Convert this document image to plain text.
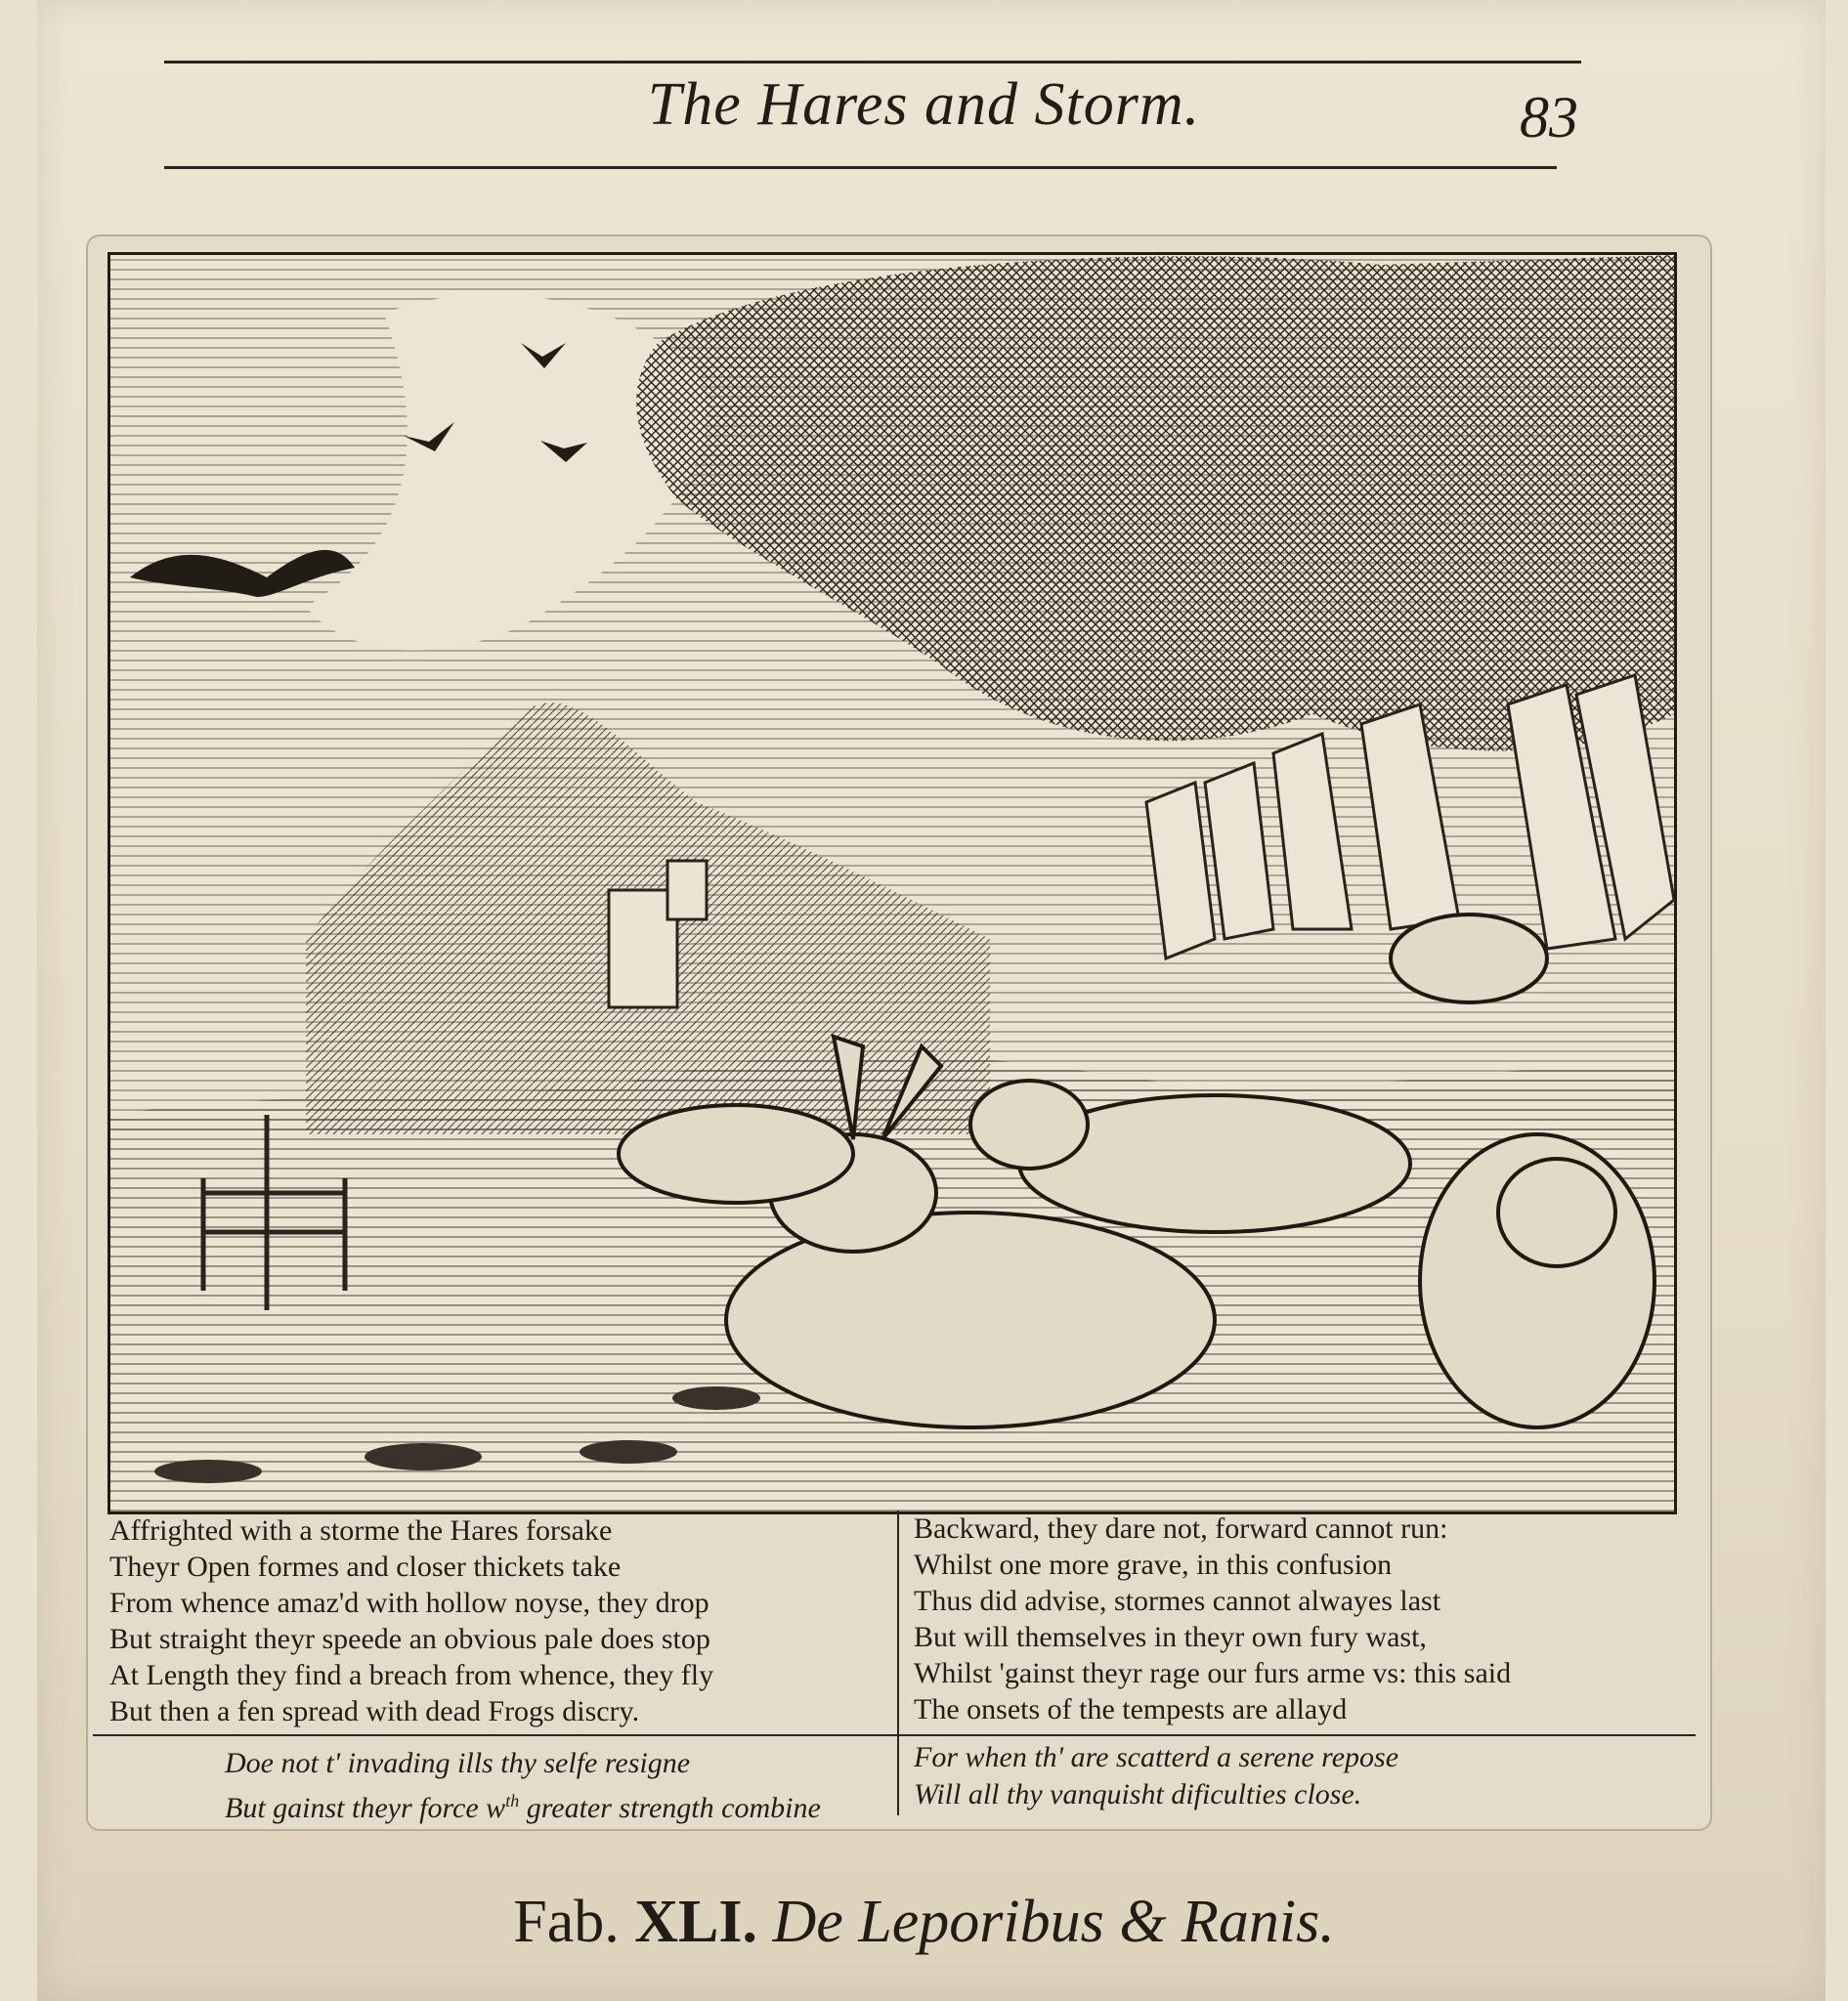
The Hares and Storm.	83
Affrighted with a storme the Hares forsake
Theyr Open formes and closer thickets take
From whence amaz'd with hollow noyse, they drop
But straight theyr speede an obvious pale does stop
At Length they find a breach from whence, they fly
But then a fen spread with dead Frogs discry.
Backward, they dare not, forward cannot run:
Whilst one more grave, in this confusion
Thus did advise, stormes cannot alwayes last
But will themselves in theyr own fury wast,
Whilst 'gainst theyr rage our furs arme vs: this said
The onsets of the tempests are allayd
Doe not t' invading ills thy selfe resigne
But gainst theyr force $w^{th}$ greater strength combine
For when th' are scatterd a serene repose
Will all thy vanquisht dificulties close.
Fab. XLI. De Leporibus & Ranis.
